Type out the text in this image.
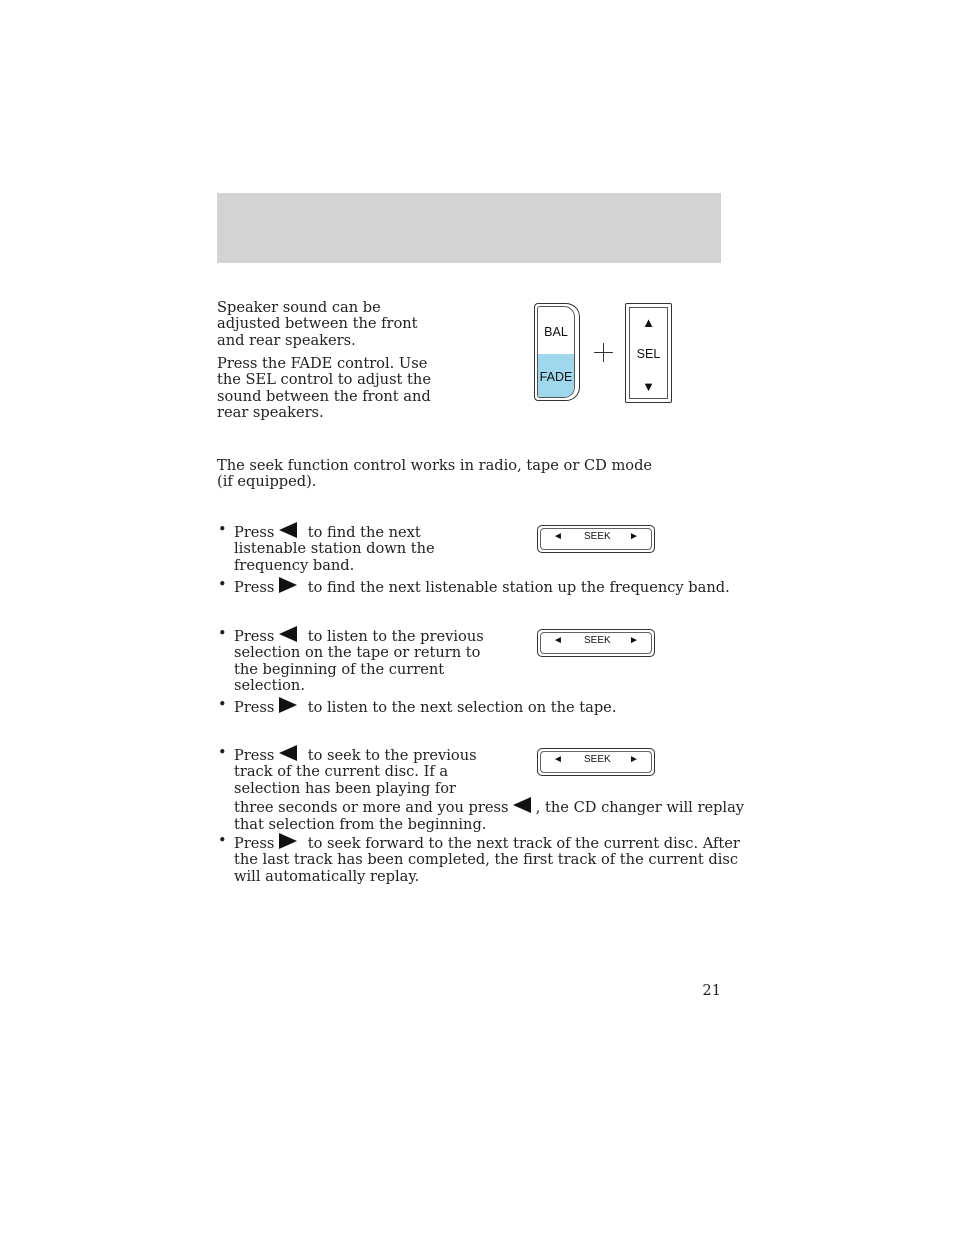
Speaker sound can be adjusted between the front and rear speakers.

Press the FADE control. Use the SEL control to adjust the sound between the front and rear speakers.

BAL
FADE
▲
SEL
▼

The seek function control works in radio, tape or CD mode (if equipped).

• Press to find the next
listenable station down the
frequency band.
• Press to find the next listenable station up the frequency band.
◄ SEEK ►
• Press to listen to the previous
selection on the tape or return to
the beginning of the current
selection.
• Press to listen to the next selection on the tape.
◄ SEEK ►
• Press to seek to the previous
track of the current disc. If a
selection has been playing for
three seconds or more and you press , the CD changer will replay
that selection from the beginning.
• Press to seek forward to the next track of the current disc. After
the last track has been completed, the first track of the current disc
will automatically replay.
◄ SEEK ►
21
